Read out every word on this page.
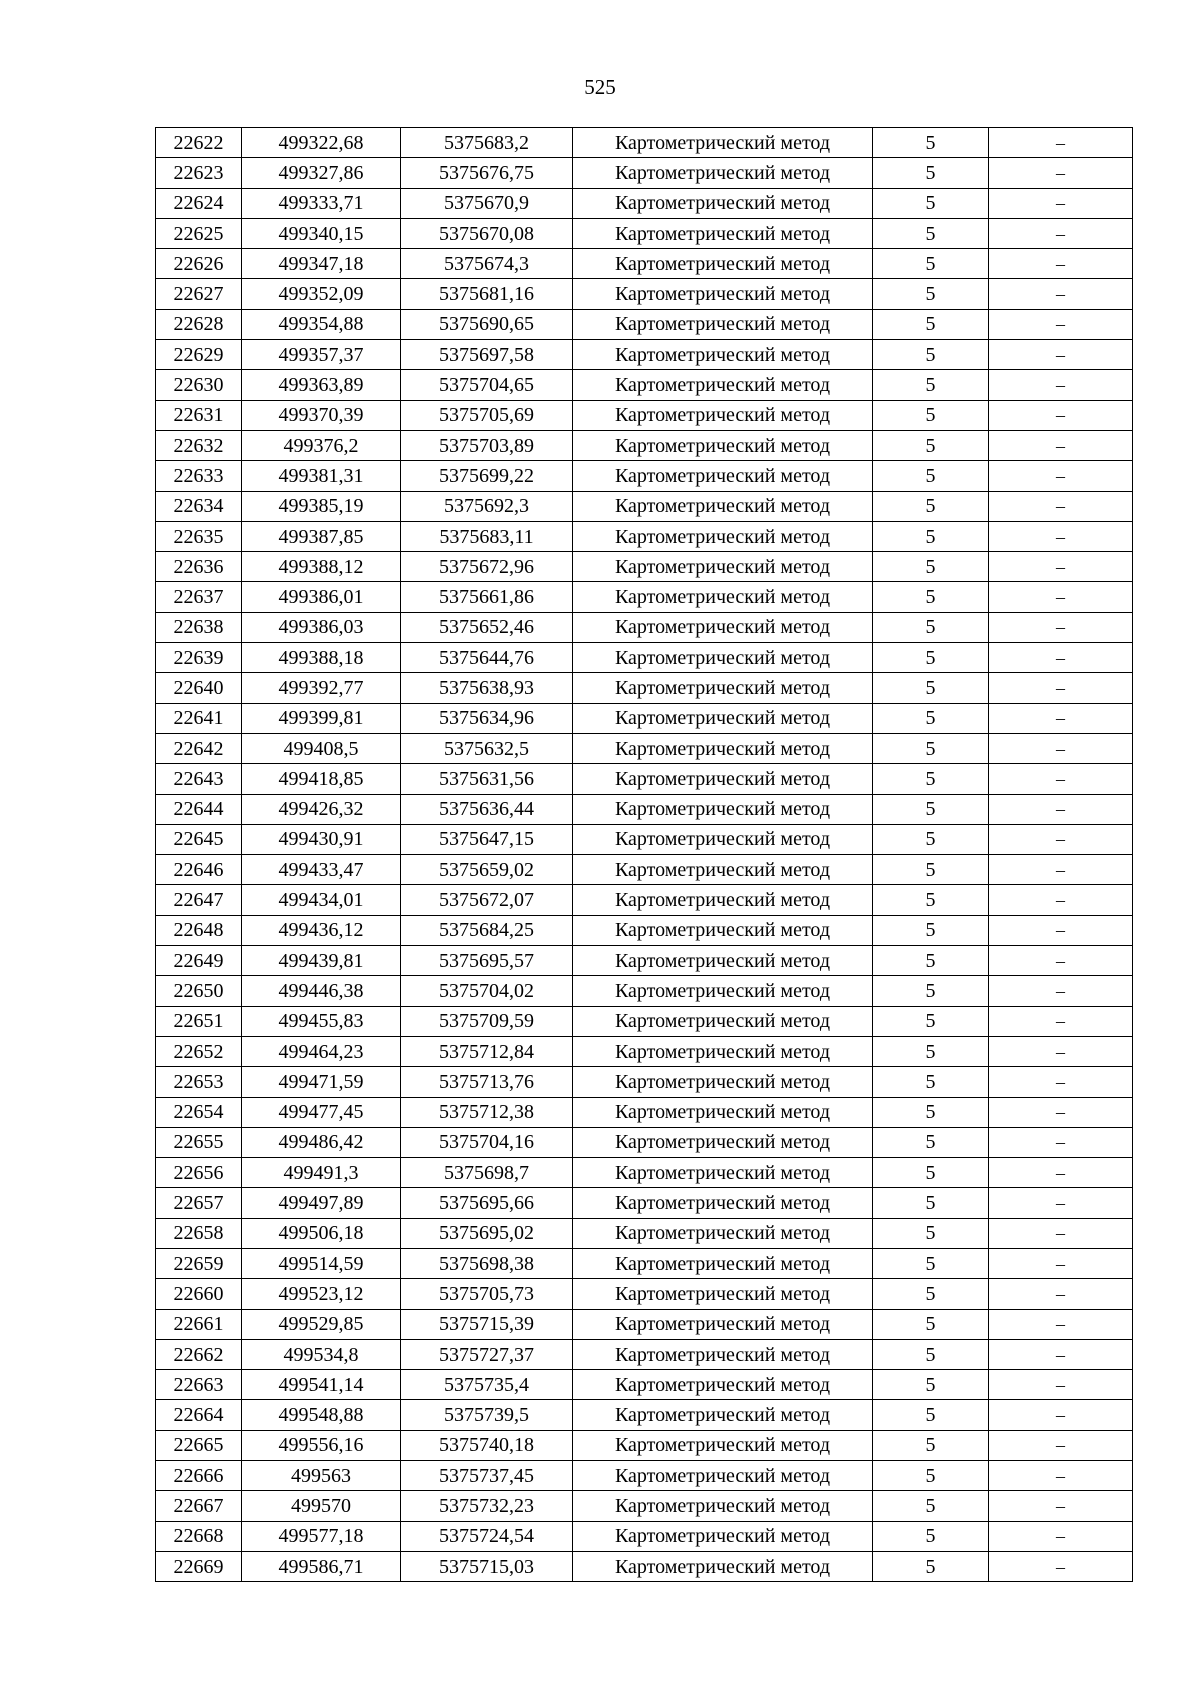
525
22622	499322,68	5375683,2	Картометрический метод	5	–
22623	499327,86	5375676,75	Картометрический метод	5	–
22624	499333,71	5375670,9	Картометрический метод	5	–
22625	499340,15	5375670,08	Картометрический метод	5	–
22626	499347,18	5375674,3	Картометрический метод	5	–
22627	499352,09	5375681,16	Картометрический метод	5	–
22628	499354,88	5375690,65	Картометрический метод	5	–
22629	499357,37	5375697,58	Картометрический метод	5	–
22630	499363,89	5375704,65	Картометрический метод	5	–
22631	499370,39	5375705,69	Картометрический метод	5	–
22632	499376,2	5375703,89	Картометрический метод	5	–
22633	499381,31	5375699,22	Картометрический метод	5	–
22634	499385,19	5375692,3	Картометрический метод	5	–
22635	499387,85	5375683,11	Картометрический метод	5	–
22636	499388,12	5375672,96	Картометрический метод	5	–
22637	499386,01	5375661,86	Картометрический метод	5	–
22638	499386,03	5375652,46	Картометрический метод	5	–
22639	499388,18	5375644,76	Картометрический метод	5	–
22640	499392,77	5375638,93	Картометрический метод	5	–
22641	499399,81	5375634,96	Картометрический метод	5	–
22642	499408,5	5375632,5	Картометрический метод	5	–
22643	499418,85	5375631,56	Картометрический метод	5	–
22644	499426,32	5375636,44	Картометрический метод	5	–
22645	499430,91	5375647,15	Картометрический метод	5	–
22646	499433,47	5375659,02	Картометрический метод	5	–
22647	499434,01	5375672,07	Картометрический метод	5	–
22648	499436,12	5375684,25	Картометрический метод	5	–
22649	499439,81	5375695,57	Картометрический метод	5	–
22650	499446,38	5375704,02	Картометрический метод	5	–
22651	499455,83	5375709,59	Картометрический метод	5	–
22652	499464,23	5375712,84	Картометрический метод	5	–
22653	499471,59	5375713,76	Картометрический метод	5	–
22654	499477,45	5375712,38	Картометрический метод	5	–
22655	499486,42	5375704,16	Картометрический метод	5	–
22656	499491,3	5375698,7	Картометрический метод	5	–
22657	499497,89	5375695,66	Картометрический метод	5	–
22658	499506,18	5375695,02	Картометрический метод	5	–
22659	499514,59	5375698,38	Картометрический метод	5	–
22660	499523,12	5375705,73	Картометрический метод	5	–
22661	499529,85	5375715,39	Картометрический метод	5	–
22662	499534,8	5375727,37	Картометрический метод	5	–
22663	499541,14	5375735,4	Картометрический метод	5	–
22664	499548,88	5375739,5	Картометрический метод	5	–
22665	499556,16	5375740,18	Картометрический метод	5	–
22666	499563	5375737,45	Картометрический метод	5	–
22667	499570	5375732,23	Картометрический метод	5	–
22668	499577,18	5375724,54	Картометрический метод	5	–
22669	499586,71	5375715,03	Картометрический метод	5	–
